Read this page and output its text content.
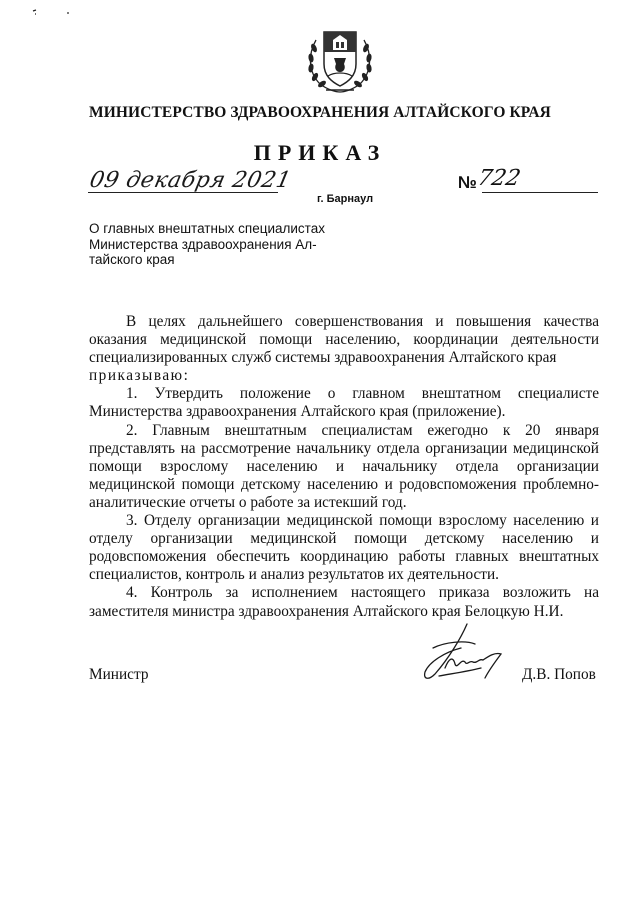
МИНИСТЕРСТВО ЗДРАВООХРАНЕНИЯ АЛТАЙСКОГО КРАЯ
ПРИКАЗ
09 декабря 2021
г. Барнаул
№
722
О главных внештатных специалистах
Министерства здравоохранения Ал-
тайского края

В целях дальнейшего совершенствования и повышения качества оказания медицинской помощи населению, координации деятельности специализированных служб системы здравоохранения Алтайского края

приказываю:

1. Утвердить положение о главном внештатном специалисте Министерства здравоохранения Алтайского края (приложение).

2. Главным внештатным специалистам ежегодно к 20 января представлять на рассмотрение начальнику отдела организации медицинской помощи взрослому населению и начальнику отдела организации медицинской помощи детскому населению и родовспоможения проблемно-аналитические отчеты о работе за истекший год.

3. Отделу организации медицинской помощи взрослому населению и отделу организации медицинской помощи детскому населению и родовспоможения обеспечить координацию работы главных внештатных специалистов, контроль и анализ результатов их деятельности.

4. Контроль за исполнением настоящего приказа возложить на заместителя министра здравоохранения Алтайского края Белоцкую Н.И.

Министр	Д.В. Попов
